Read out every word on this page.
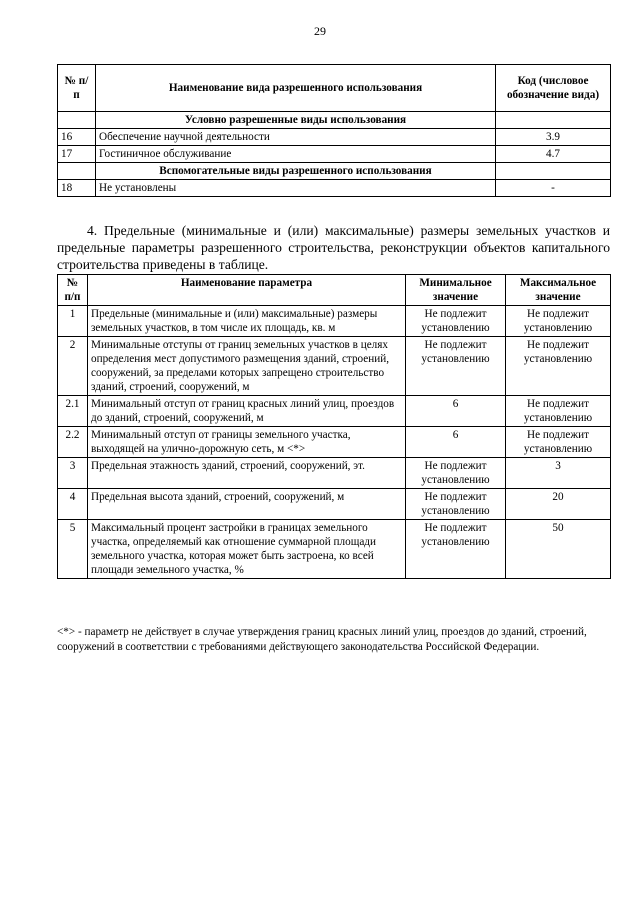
29
№ п/ п	Наименование вида разрешенного использования	Код (числовое обозначение вида)
	Условно разрешенные виды использования	
16	Обеспечение научной деятельности	3.9
17	Гостиничное обслуживание	4.7
	Вспомогательные виды разрешенного использования	
18	Не установлены	-

4. Предельные (минимальные и (или) максимальные) размеры земельных участков и предельные параметры разрешенного строительства, реконструкции объектов капитального строительства приведены в таблице.

№ п/п	Наименование параметра	Минимальное значение	Максимальное значение
1	Предельные (минимальные и (или) максимальные) размеры земельных участков, в том числе их площадь, кв. м	Не подлежит установлению	Не подлежит установлению
2	Минимальные отступы от границ земельных участков в целях определения мест допустимого размещения зданий, строений, сооружений, за пределами которых запрещено строительство зданий, строений, сооружений, м	Не подлежит установлению	Не подлежит установлению
2.1	Минимальный отступ от границ красных линий улиц, проездов до зданий, строений, сооружений, м	6	Не подлежит установлению
2.2	Минимальный отступ от границы земельного участка, выходящей на улично-дорожную сеть, м <*>	6	Не подлежит установлению
3	Предельная этажность зданий, строений, сооружений, эт.	Не подлежит установлению	3
4	Предельная высота зданий, строений, сооружений, м	Не подлежит установлению	20
5	Максимальный процент застройки в границах земельного участка, определяемый как отношение суммарной площади земельного участка, которая может быть застроена, ко всей площади земельного участка, %	Не подлежит установлению	50

<*> - параметр не действует в случае утверждения границ красных линий улиц, проездов до зданий, строений, сооружений в соответствии с требованиями действующего законодательства Российской Федерации.
